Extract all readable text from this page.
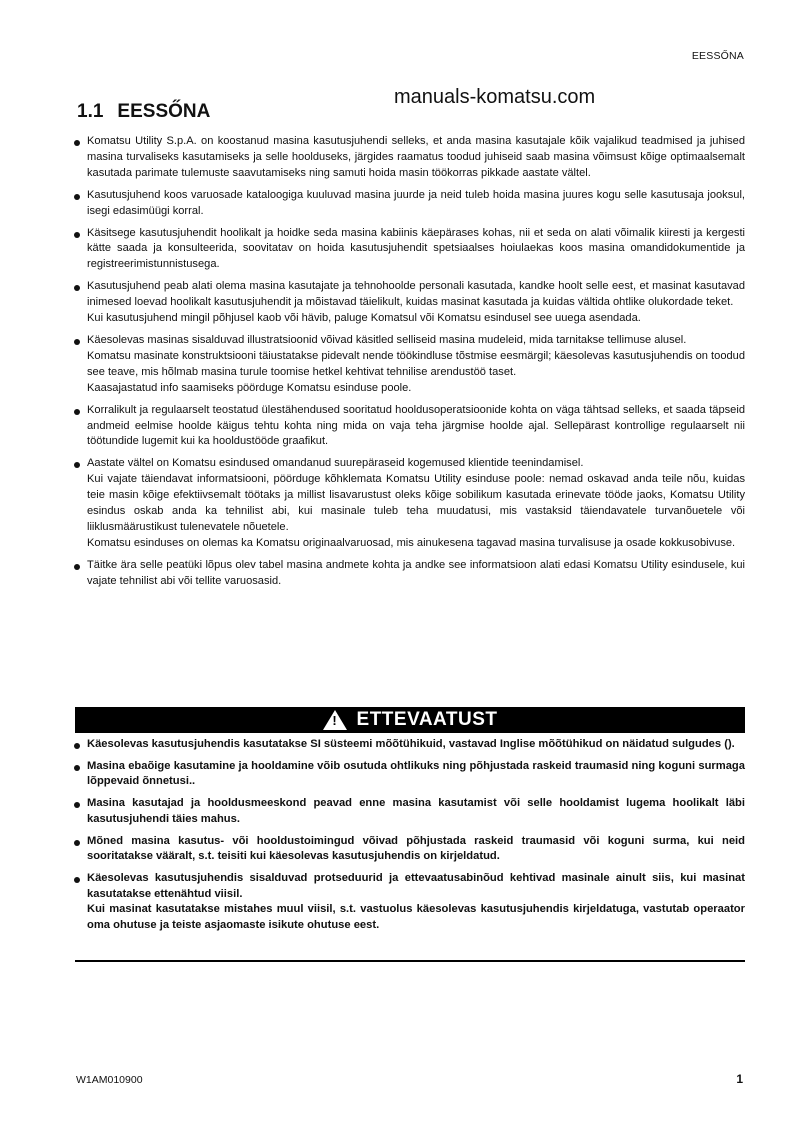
EESSŐNA
manuals-komatsu.com
1.1 EESSŐNA

Komatsu Utility S.p.A. on koostanud masina kasutusjuhendi selleks, et anda masina kasutajale kõik vajalikud teadmised ja juhised masina turvaliseks kasutamiseks ja selle hoolduseks, järgides raamatus toodud juhiseid saab masina võimsust kõige optimaalsemalt kasutada parimate tulemuste saavutamiseks ning samuti hoida masin töökorras pikkade aastate vältel.

Kasutusjuhend koos varuosade kataloogiga kuuluvad masina juurde ja neid tuleb hoida masina juures kogu selle kasutusaja jooksul, isegi edasimüügi korral.

Käsitsege kasutusjuhendit hoolikalt ja hoidke seda masina kabiinis käepärases kohas, nii et seda on alati võimalik kiiresti ja kergesti kätte saada ja konsulteerida, soovitatav on hoida kasutusjuhendit spetsiaalses hoiulaekas koos masina omandidokumentide ja registreerimistunnistusega.

Kasutusjuhend peab alati olema masina kasutajate ja tehnohoolde personali kasutada, kandke hoolt selle eest, et masinat kasutavad inimesed loevad hoolikalt kasutusjuhendit ja mõistavad täielikult, kuidas masinat kasutada ja kuidas vältida ohtlike olukordade teket.

Kui kasutusjuhend mingil põhjusel kaob või hävib, paluge Komatsul või Komatsu esindusel see uuega asendada.

Käesolevas masinas sisalduvad illustratsioonid võivad käsitled selliseid masina mudeleid, mida tarnitakse tellimuse alusel.

Komatsu masinate konstruktsiooni täiustatakse pidevalt nende töökindluse tõstmise eesmärgil; käesolevas kasutusjuhendis on toodud see teave, mis hõlmab masina turule toomise hetkel kehtivat tehnilise arendustöö taset.

Kaasajastatud info saamiseks pöörduge Komatsu esinduse poole.

Korralikult ja regulaarselt teostatud ülestähendused sooritatud hooldusoperatsioonide kohta on väga tähtsad selleks, et saada täpseid andmeid eelmise hoolde käigus tehtu kohta ning mida on vaja teha järgmise hoolde ajal. Sellepärast kontrollige regulaarselt nii töötundide lugemit kui ka hooldustööde graafikut.

Aastate vältel on Komatsu esindused omandanud suurepäraseid kogemused klientide teenindamisel.

Kui vajate täiendavat informatsiooni, pöörduge kõhklemata Komatsu Utility esinduse poole: nemad oskavad anda teile nõu, kuidas teie masin kõige efektiivsemalt töötaks ja millist lisavarustust oleks kõige sobilikum kasutada erinevate tööde jaoks, Komatsu Utility esindus oskab anda ka tehnilist abi, kui masinale tuleb teha muudatusi, mis vastaksid täiendavatele turvanõuetele või liiklusmäärustikust tulenevatele nõuetele.

Komatsu esinduses on olemas ka Komatsu originaalvaruosad, mis ainukesena tagavad masina turvalisuse ja osade kokkusobivuse.

Täitke ära selle peatüki lõpus olev tabel masina andmete kohta ja andke see informatsioon alati edasi Komatsu Utility esindusele, kui vajate tehnilist abi või tellite varuosasid.

! ETTEVAATUST

Käesolevas kasutusjuhendis kasutatakse SI süsteemi mõõtühikuid, vastavad Inglise mõõtühikud on näidatud sulgudes ().

Masina ebaõige kasutamine ja hooldamine võib osutuda ohtlikuks ning põhjustada raskeid traumasid ning koguni surmaga lõppevaid õnnetusi..

Masina kasutajad ja hooldusmeeskond peavad enne masina kasutamist või selle hooldamist lugema hoolikalt läbi kasutusjuhendi täies mahus.

Mõned masina kasutus- või hooldustoimingud võivad põhjustada raskeid traumasid või koguni surma, kui neid sooritatakse vääralt, s.t. teisiti kui käesolevas kasutusjuhendis on kirjeldatud.

Käesolevas kasutusjuhendis sisalduvad protseduurid ja ettevaatusabinõud kehtivad masinale ainult siis, kui masinat kasutatakse ettenähtud viisil.

Kui masinat kasutatakse mistahes muul viisil, s.t. vastuolus käesolevas kasutusjuhendis kirjeldatuga, vastutab operaator oma ohutuse ja teiste asjaomaste isikute ohutuse eest.

W1AM010900	1
